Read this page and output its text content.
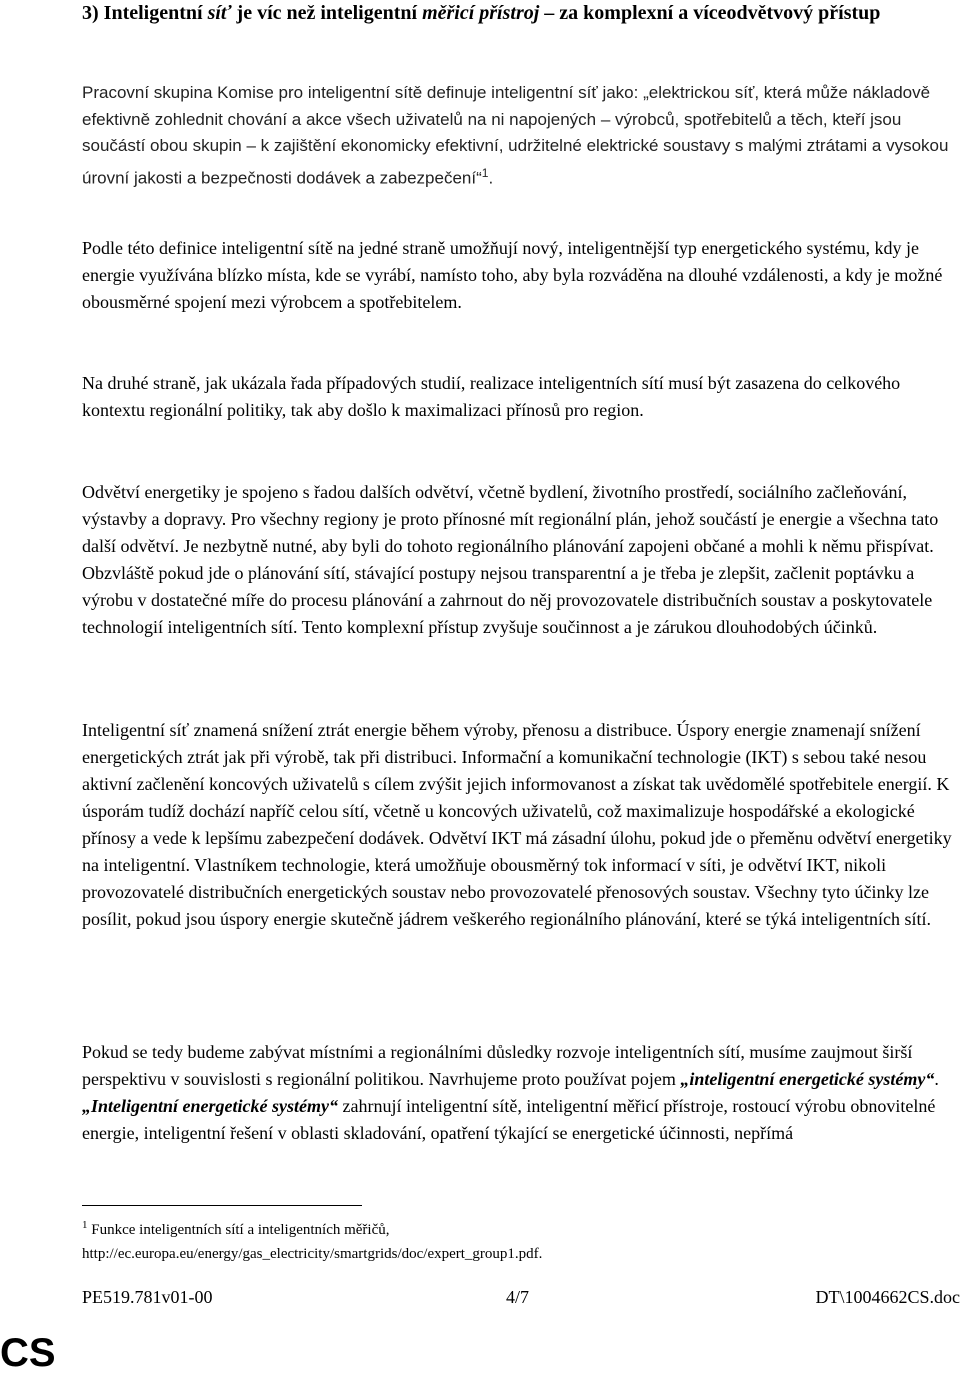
3) Inteligentní síť je víc než inteligentní měřicí přístroj – za komplexní a víceodvětvový přístup

Pracovní skupina Komise pro inteligentní sítě definuje inteligentní síť jako: „elektrickou síť, která může nákladově efektivně zohlednit chování a akce všech uživatelů na ni napojených – výrobců, spotřebitelů a těch, kteří jsou součástí obou skupin – k zajištění ekonomicky efektivní, udržitelné elektrické soustavy s malými ztrátami a vysokou úrovní jakosti a bezpečnosti dodávek a zabezpečení“$^1$.

Podle této definice inteligentní sítě na jedné straně umožňují nový, inteligentnější typ energetického systému, kdy je energie využívána blízko místa, kde se vyrábí, namísto toho, aby byla rozváděna na dlouhé vzdálenosti, a kdy je možné obousměrné spojení mezi výrobcem a spotřebitelem.

Na druhé straně, jak ukázala řada případových studií, realizace inteligentních sítí musí být zasazena do celkového kontextu regionální politiky, tak aby došlo k maximalizaci přínosů pro region.

Odvětví energetiky je spojeno s řadou dalších odvětví, včetně bydlení, životního prostředí, sociálního začleňování, výstavby a dopravy. Pro všechny regiony je proto přínosné mít regionální plán, jehož součástí je energie a všechna tato další odvětví. Je nezbytně nutné, aby byli do tohoto regionálního plánování zapojeni občané a mohli k němu přispívat. Obzvláště pokud jde o plánování sítí, stávající postupy nejsou transparentní a je třeba je zlepšit, začlenit poptávku a výrobu v dostatečné míře do procesu plánování a zahrnout do něj provozovatele distribučních soustav a poskytovatele technologií inteligentních sítí. Tento komplexní přístup zvyšuje součinnost a je zárukou dlouhodobých účinků.

Inteligentní síť znamená snížení ztrát energie během výroby, přenosu a distribuce. Úspory energie znamenají snížení energetických ztrát jak při výrobě, tak při distribuci. Informační a komunikační technologie (IKT) s sebou také nesou aktivní začlenění koncových uživatelů s cílem zvýšit jejich informovanost a získat tak uvědomělé spotřebitele energií. K úsporám tudíž dochází napříč celou sítí, včetně u koncových uživatelů, což maximalizuje hospodářské a ekologické přínosy a vede k lepšímu zabezpečení dodávek. Odvětví IKT má zásadní úlohu, pokud jde o přeměnu odvětví energetiky na inteligentní. Vlastníkem technologie, která umožňuje obousměrný tok informací v síti, je odvětví IKT, nikoli provozovatelé distribučních energetických soustav nebo provozovatelé přenosových soustav. Všechny tyto účinky lze posílit, pokud jsou úspory energie skutečně jádrem veškerého regionálního plánování, které se týká inteligentních sítí.

Pokud se tedy budeme zabývat místními a regionálními důsledky rozvoje inteligentních sítí, musíme zaujmout širší perspektivu v souvislosti s regionální politikou. Navrhujeme proto používat pojem „inteligentní energetické systémy“. „Inteligentní energetické systémy“ zahrnují inteligentní sítě, inteligentní měřicí přístroje, rostoucí výrobu obnovitelné energie, inteligentní řešení v oblasti skladování, opatření týkající se energetické účinnosti, nepřímá

$^1$ Funkce inteligentních sítí a inteligentních měřičů,
http://ec.europa.eu/energy/gas_electricity/smartgrids/doc/expert_group1.pdf.
PE519.781v01-00	4/7	DT\1004662CS.doc
CS
